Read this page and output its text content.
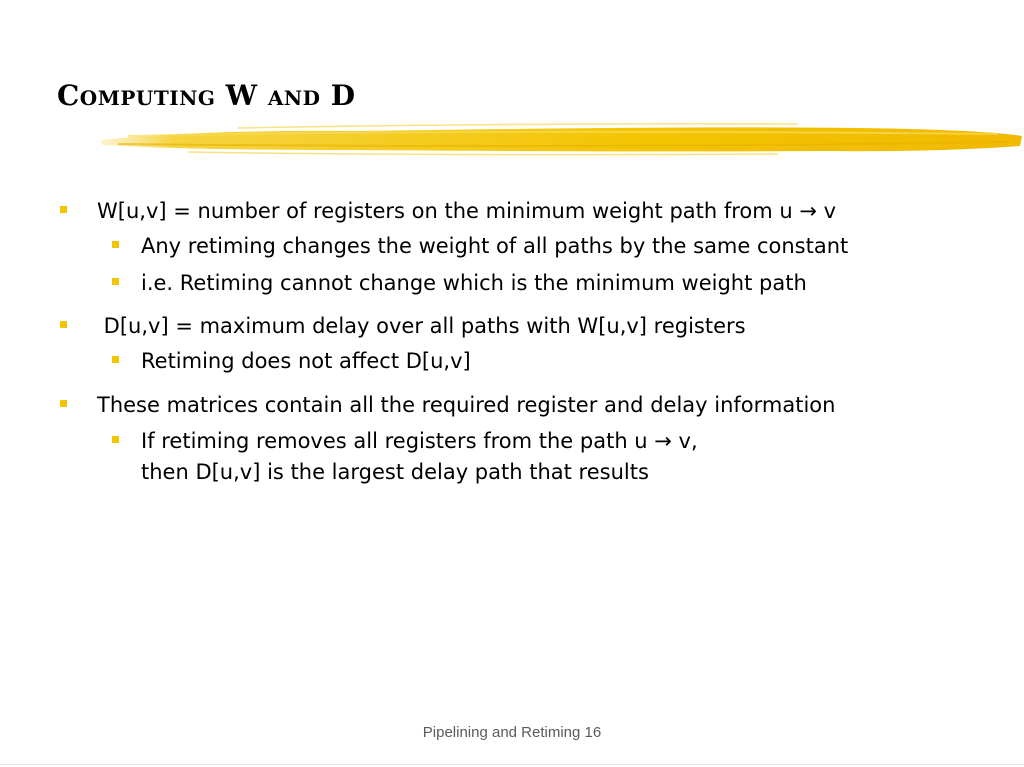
Computing W and D
W[u,v] = number of registers on the minimum weight path from u → v
Any retiming changes the weight of all paths by the same constant
i.e. Retiming cannot change which is the minimum weight path
D[u,v] = maximum delay over all paths with W[u,v] registers
Retiming does not affect D[u,v]
These matrices contain all the required register and delay information
If retiming removes all registers from the path u → v,
then D[u,v] is the largest delay path that results
Pipelining and Retiming 16
